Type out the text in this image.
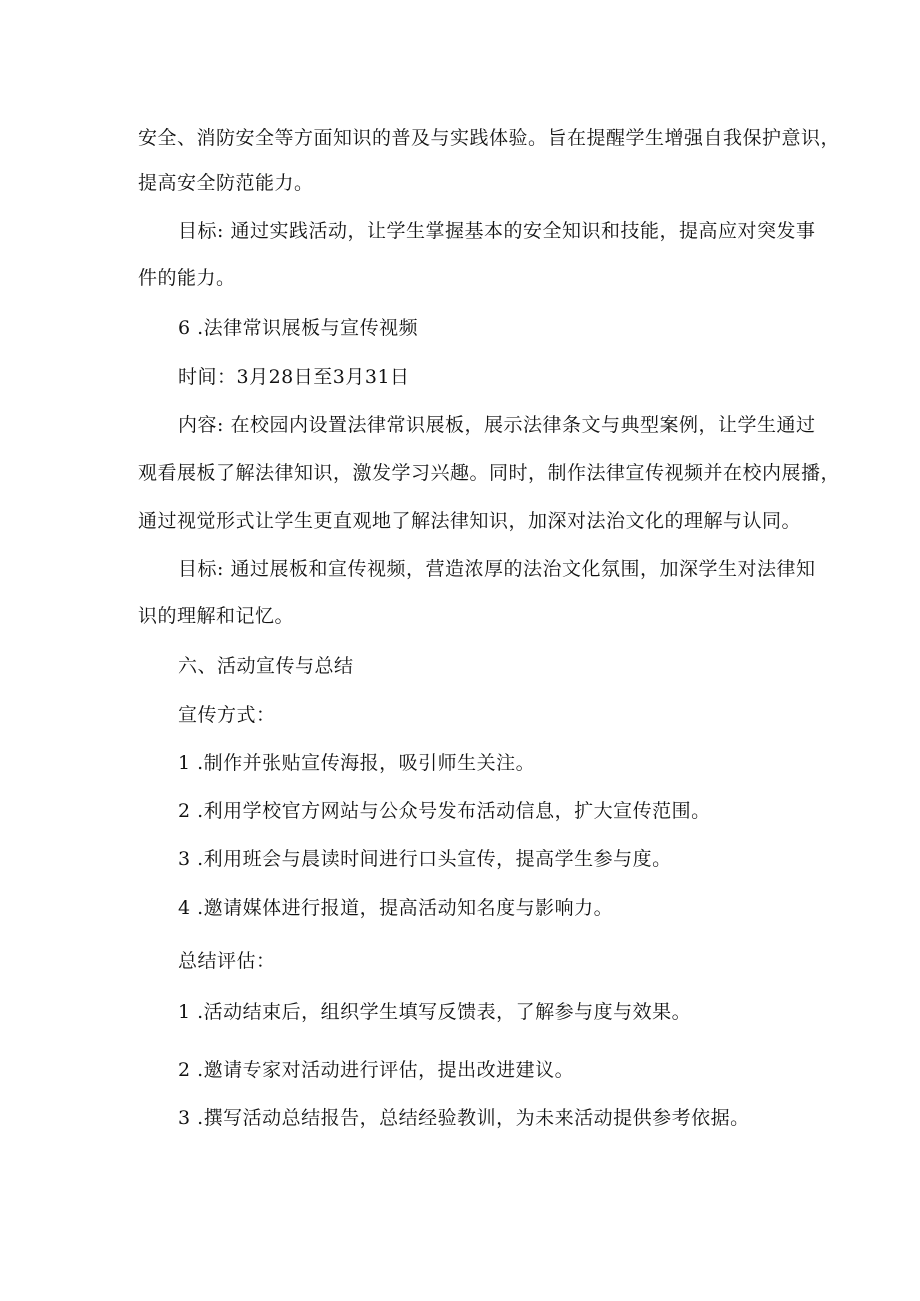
安全、消防安全等方面知识的普及与实践体验。旨在提醒学生增强自我保护意识，
提高安全防范能力。
目标: 通过实践活动，让学生掌握基本的安全知识和技能，提高应对突发事
件的能力。
6 .法律常识展板与宣传视频
时间：3月28日至3月31日
内容: 在校园内设置法律常识展板，展示法律条文与典型案例，让学生通过
观看展板了解法律知识，激发学习兴趣。同时，制作法律宣传视频并在校内展播，
通过视觉形式让学生更直观地了解法律知识，加深对法治文化的理解与认同。
目标: 通过展板和宣传视频，营造浓厚的法治文化氛围，加深学生对法律知
识的理解和记忆。
六、活动宣传与总结
宣传方式：
1 .制作并张贴宣传海报，吸引师生关注。
2 .利用学校官方网站与公众号发布活动信息，扩大宣传范围。
3 .利用班会与晨读时间进行口头宣传，提高学生参与度。
4 .邀请媒体进行报道，提高活动知名度与影响力。
总结评估：
1 .活动结束后，组织学生填写反馈表，了解参与度与效果。
2 .邀请专家对活动进行评估，提出改进建议。
3 .撰写活动总结报告，总结经验教训，为未来活动提供参考依据。
